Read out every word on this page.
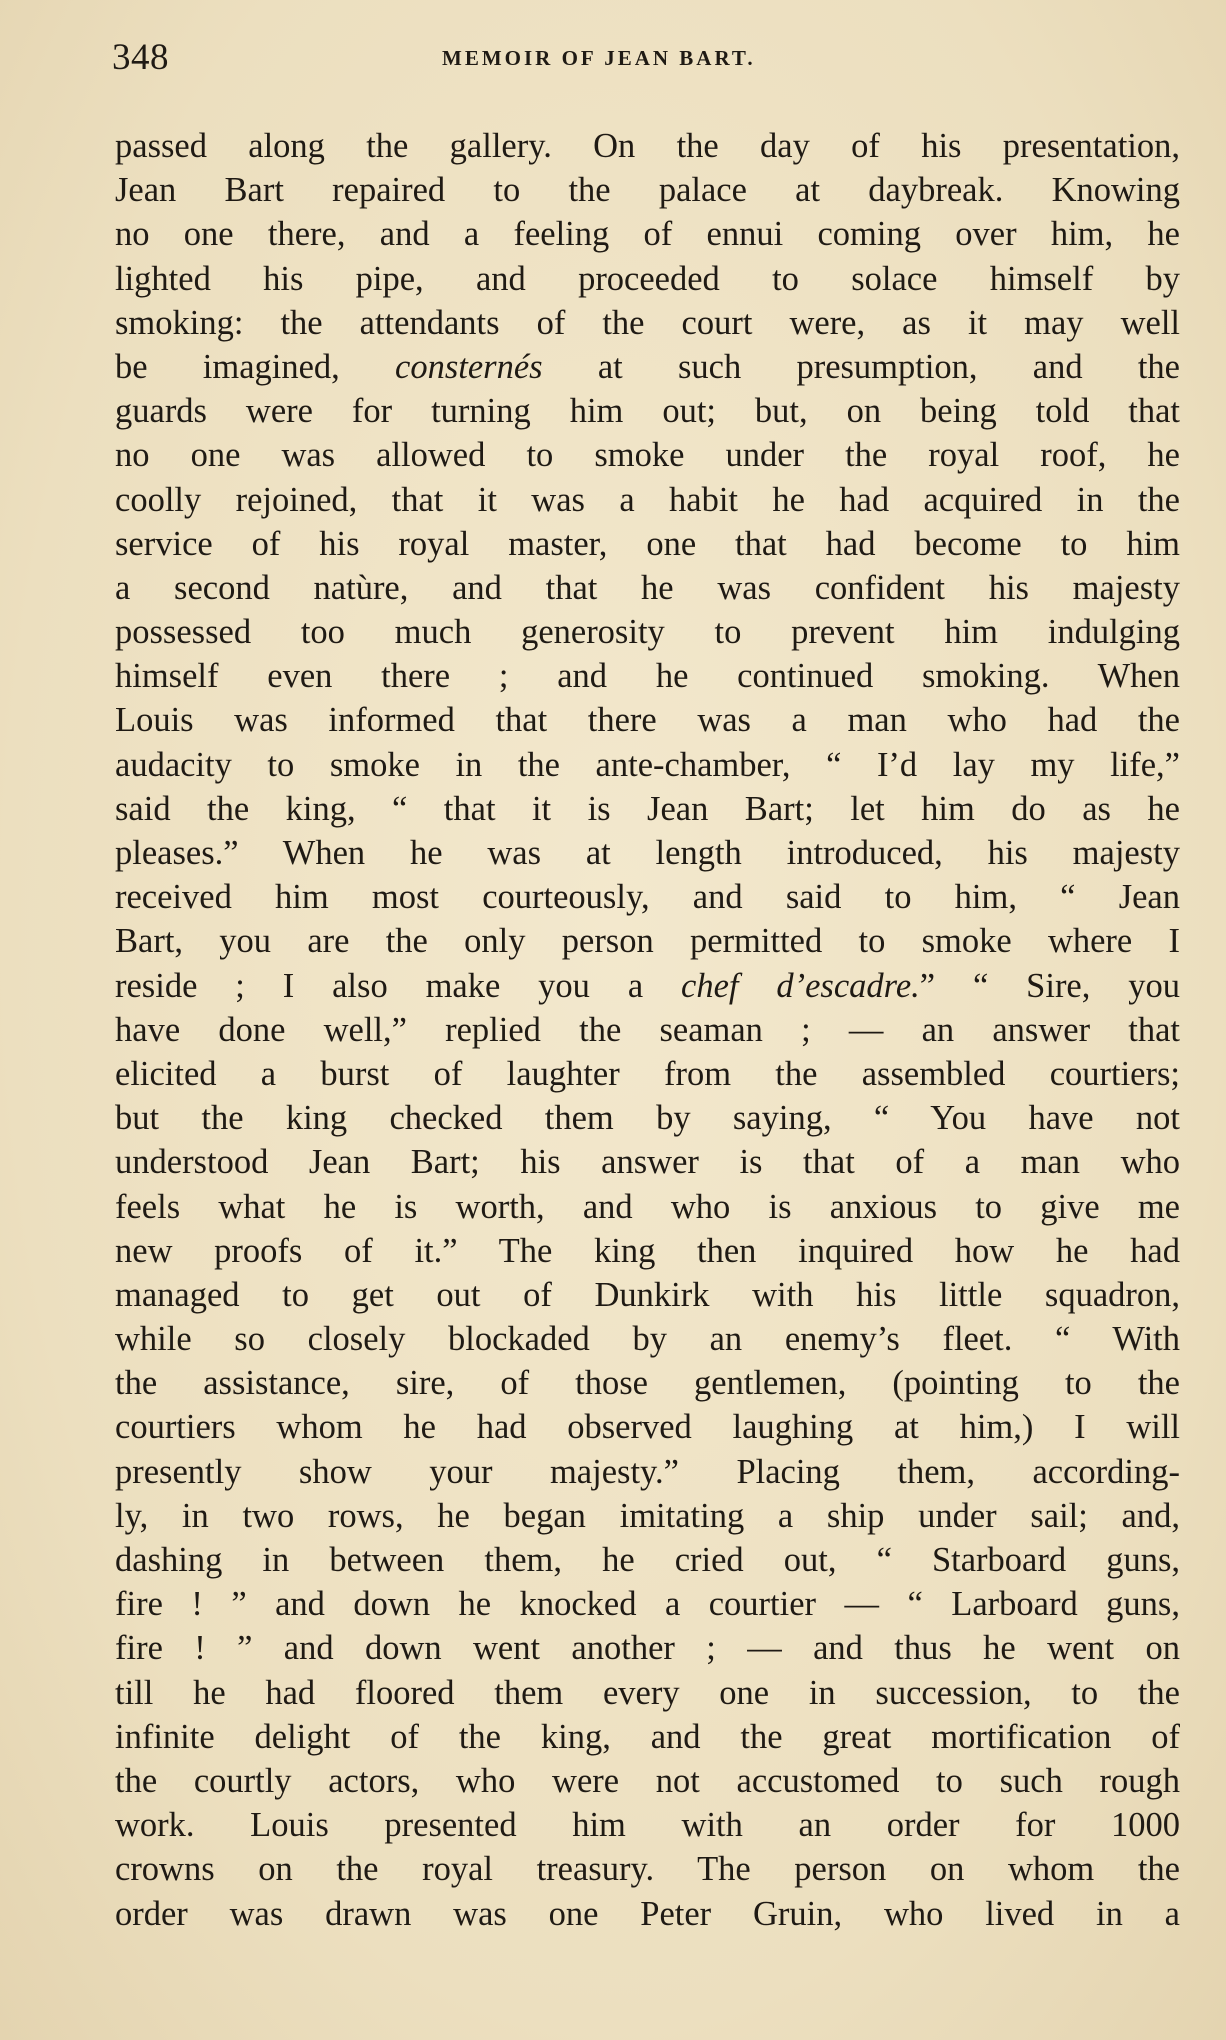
348	MEMOIR OF JEAN BART.
passed along the gallery. On the day of his presentation,
Jean Bart repaired to the palace at daybreak. Knowing
no one there, and a feeling of ennui coming over him, he
lighted his pipe, and proceeded to solace himself by
smoking: the attendants of the court were, as it may well
be imagined, consternés at such presumption, and the
guards were for turning him out; but, on being told that
no one was allowed to smoke under the royal roof, he
coolly rejoined, that it was a habit he had acquired in the
service of his royal master, one that had become to him
a second natùre, and that he was confident his majesty
possessed too much generosity to prevent him indulging
himself even there ; and he continued smoking. When
Louis was informed that there was a man who had the
audacity to smoke in the ante-chamber, “ I’d lay my life,”
said the king, “ that it is Jean Bart; let him do as he
pleases.” When he was at length introduced, his majesty
received him most courteously, and said to him, “ Jean
Bart, you are the only person permitted to smoke where I
reside ; I also make you a chef d’escadre.” “ Sire, you
have done well,” replied the seaman ; — an answer that
elicited a burst of laughter from the assembled courtiers;
but the king checked them by saying, “ You have not
understood Jean Bart; his answer is that of a man who
feels what he is worth, and who is anxious to give me
new proofs of it.” The king then inquired how he had
managed to get out of Dunkirk with his little squadron,
while so closely blockaded by an enemy’s fleet. “ With
the assistance, sire, of those gentlemen, (pointing to the
courtiers whom he had observed laughing at him,) I will
presently show your majesty.” Placing them, according-
ly, in two rows, he began imitating a ship under sail; and,
dashing in between them, he cried out, “ Starboard guns,
fire ! ” and down he knocked a courtier — “ Larboard guns,
fire ! ” and down went another ; — and thus he went on
till he had floored them every one in succession, to the
infinite delight of the king, and the great mortification of
the courtly actors, who were not accustomed to such rough
work. Louis presented him with an order for 1000
crowns on the royal treasury. The person on whom the
order was drawn was one Peter Gruin, who lived in a
